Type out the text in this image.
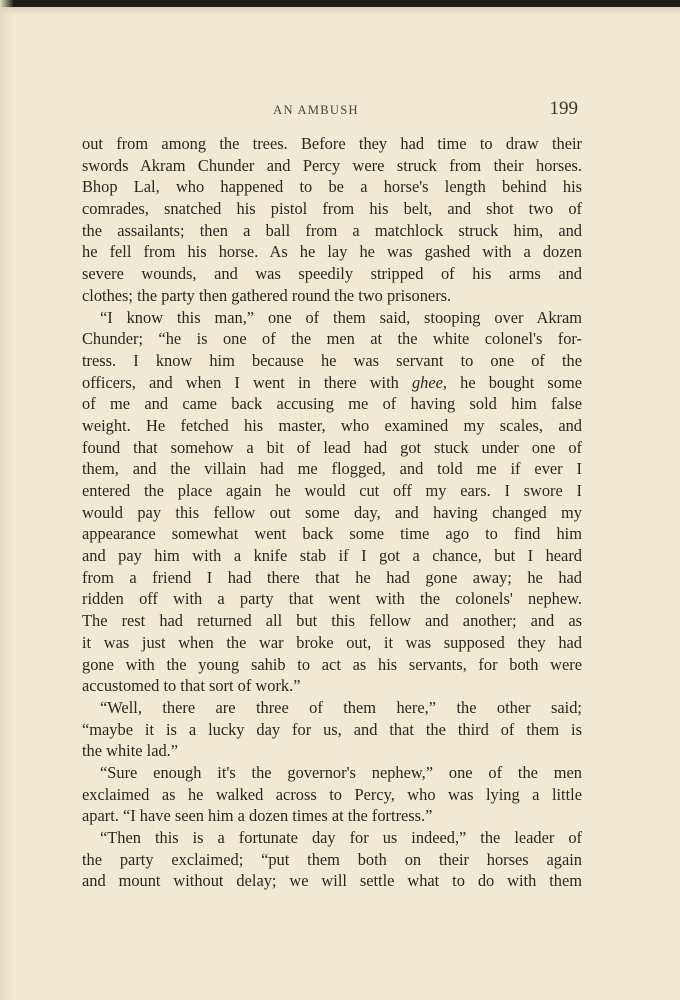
AN AMBUSH	199
out from among the trees. Before they had time to draw their
swords Akram Chunder and Percy were struck from their horses.
Bhop Lal, who happened to be a horse's length behind his
comrades, snatched his pistol from his belt, and shot two of
the assailants; then a ball from a matchlock struck him, and
he fell from his horse. As he lay he was gashed with a dozen
severe wounds, and was speedily stripped of his arms and
clothes; the party then gathered round the two prisoners.
“I know this man,” one of them said, stooping over Akram
Chunder; “he is one of the men at the white colonel's for-
tress. I know him because he was servant to one of the
officers, and when I went in there with ghee, he bought some
of me and came back accusing me of having sold him false
weight. He fetched his master, who examined my scales, and
found that somehow a bit of lead had got stuck under one of
them, and the villain had me flogged, and told me if ever I
entered the place again he would cut off my ears. I swore I
would pay this fellow out some day, and having changed my
appearance somewhat went back some time ago to find him
and pay him with a knife stab if I got a chance, but I heard
from a friend I had there that he had gone away; he had
ridden off with a party that went with the colonels' nephew.
The rest had returned all but this fellow and another; and as
it was just when the war broke out, it was supposed they had
gone with the young sahib to act as his servants, for both were
accustomed to that sort of work.”
“Well, there are three of them here,” the other said;
“maybe it is a lucky day for us, and that the third of them is
the white lad.”
“Sure enough it's the governor's nephew,” one of the men
exclaimed as he walked across to Percy, who was lying a little
apart. “I have seen him a dozen times at the fortress.”
“Then this is a fortunate day for us indeed,” the leader of
the party exclaimed; “put them both on their horses again
and mount without delay; we will settle what to do with them
